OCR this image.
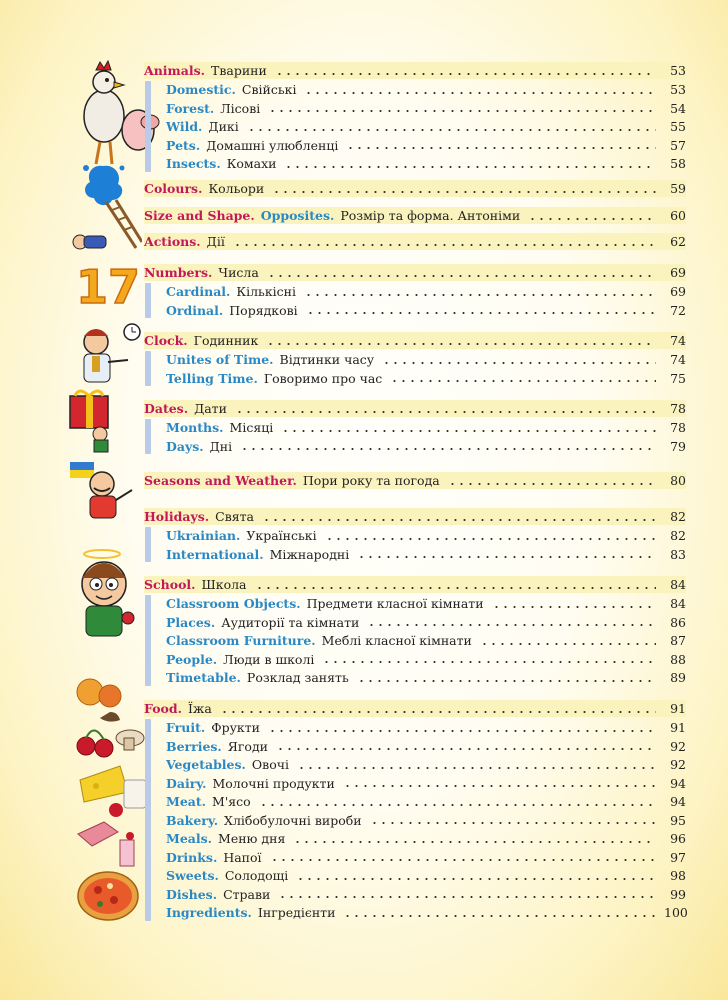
17
Animals. Тварини	53
Domestic. Свійські	53
Forest. Лісові	54
Wild. Дикі	55
Pets. Домашні улюбленці	57
Insects. Комахи	58
Colours. Кольори	59
Size and Shape. Opposites. Розмір та форма. Антоніми	60
Actions. Дії	62
Numbers. Числа	69
Cardinal. Кількісні	69
Ordinal. Порядкові	72
Clock. Годинник	74
Unites of Time. Відтинки часу	74
Telling Time. Говоримо про час	75
Dates. Дати	78
Months. Місяці	78
Days. Дні	79
Seasons and Weather. Пори року та погода	80
Holidays. Свята	82
Ukrainian. Українські	82
International. Міжнародні	83
School. Школа	84
Classroom Objects. Предмети класної кімнати	84
Places. Аудиторії та кімнати	86
Classroom Furniture. Меблі класної кімнати	87
People. Люди в школі	88
Timetable. Розклад занять	89
Food. Їжа	91
Fruit. Фрукти	91
Berries. Ягоди	92
Vegetables. Овочі	92
Dairy. Молочні продукти	94
Meat. М'ясо	94
Bakery. Хлібобулочні вироби	95
Meals. Меню дня	96
Drinks. Напої	97
Sweets. Солодощі	98
Dishes. Страви	99
Ingredients. Інгредієнти	100
